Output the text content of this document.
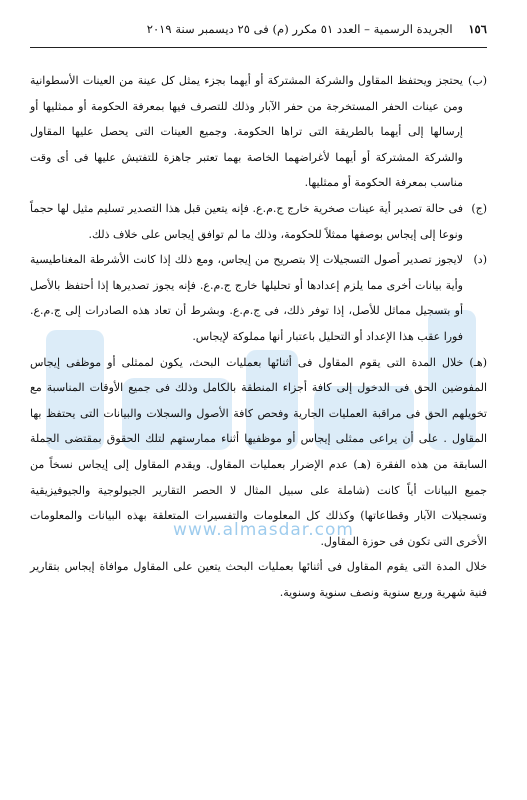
www.almasdar.com
١٥٦ الجريدة الرسمية – العدد ٥١ مكرر (م) فى ٢٥ ديسمبر سنة ٢٠١٩

(ب)يحتجز ويحتفظ المقاول والشركة المشتركة أو أيهما بجزء يمثل كل عينة من العينات الأسطوانية ومن عينات الحفر المستخرجة من حفر الآبار وذلك للتصرف فيها بمعرفة الحكومة أو ممثليها أو إرسالها إلى أيهما بالطريقة التى تراها الحكومة. وجميع العينات التى يحصل عليها المقاول والشركة المشتركة أو أيهما لأغراضهما الخاصة بهما تعتبر جاهزة للتفتيش عليها فى أى وقت مناسب بمعرفة الحكومة أو ممثليها.

(ج)فى حالة تصدير أية عينات صخرية خارج ج.م.ع. فإنه يتعين قبل هذا التصدير تسليم مثيل لها حجماً ونوعا إلى إيجاس بوصفها ممثلاً للحكومة، وذلك ما لم توافق إيجاس على خلاف ذلك.

(د)لايجوز تصدير أصول التسجيلات إلا بتصريح من إيجاس، ومع ذلك إذا كانت الأشرطة المغناطيسية وأية بيانات أخرى مما يلزم إعدادها أو تحليلها خارج ج.م.ع. فإنه يجوز تصديرها إذا أحتفظ بالأصل أو بتسجيل مماثل للأصل، إذا توفر ذلك، فى ج.م.ع. وبشرط أن تعاد هذه الصادرات إلى ج.م.ع. فورا عقب هذا الإعداد أو التحليل باعتبار أنها مملوكة لإيجاس.

(هـ) خلال المدة التى يقوم المقاول فى أثنائها بعمليات البحث، يكون لممثلى أو موظفى إيجاس المفوضين الحق فى الدخول إلى كافة أجزاء المنطقة بالكامل وذلك فى جميع الأوقات المناسبة مع تخويلهم الحق فى مراقبة العمليات الجارية وفحص كافة الأصول والسجلات والبيانات التى يحتفظ بها المقاول . على أن يراعى ممثلى إيجاس أو موظفيها أثناء ممارستهم لتلك الحقوق بمقتضى الجملة السابقة من هذه الفقرة (هـ) عدم الإضرار بعمليات المقاول. ويقدم المقاول إلى إيجاس نسخاً من جميع البيانات أياً كانت (شاملة على سبيل المثال لا الحصر التقارير الجيولوجية والجيوفيزيقية وتسجيلات الآبار وقطاعاتها) وكذلك كل المعلومات والتفسيرات المتعلقة بهذه البيانات والمعلومات الأخرى التى تكون فى حوزة المقاول.

خلال المدة التى يقوم المقاول فى أثنائها بعمليات البحث يتعين على المقاول موافاة إيجاس بتقارير فنية شهرية وربع سنوية ونصف سنوية وسنوية.
